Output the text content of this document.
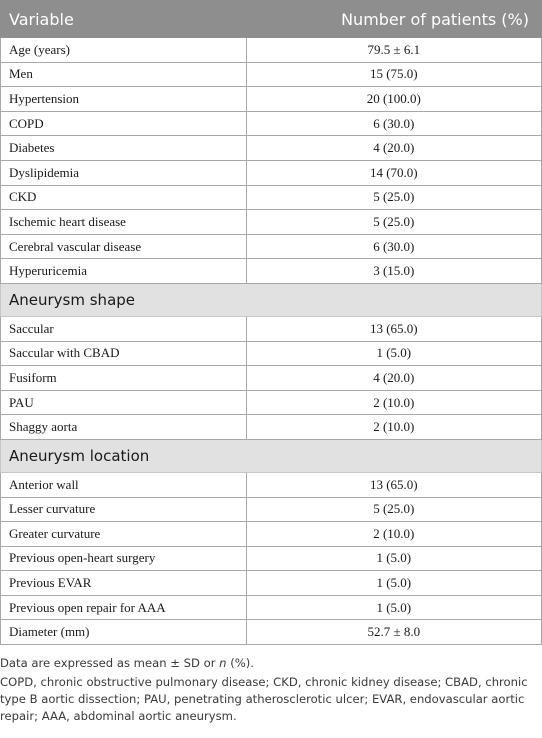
Variable	Number of patients (%)
Age (years)	79.5 ± 6.1
Men	15 (75.0)
Hypertension	20 (100.0)
COPD	6 (30.0)
Diabetes	4 (20.0)
Dyslipidemia	14 (70.0)
CKD	5 (25.0)
Ischemic heart disease	5 (25.0)
Cerebral vascular disease	6 (30.0)
Hyperuricemia	3 (15.0)
Aneurysm shape	
Saccular	13 (65.0)
Saccular with CBAD	1 (5.0)
Fusiform	4 (20.0)
PAU	2 (10.0)
Shaggy aorta	2 (10.0)
Aneurysm location	
Anterior wall	13 (65.0)
Lesser curvature	5 (25.0)
Greater curvature	2 (10.0)
Previous open-heart surgery	1 (5.0)
Previous EVAR	1 (5.0)
Previous open repair for AAA	1 (5.0)
Diameter (mm)	52.7 ± 8.0

Data are expressed as mean ± SD or n (%).

COPD, chronic obstructive pulmonary disease; CKD, chronic kidney disease; CBAD, chronic type B aortic dissection; PAU, penetrating atherosclerotic ulcer; EVAR, endovascular aortic repair; AAA, abdominal aortic aneurysm.
